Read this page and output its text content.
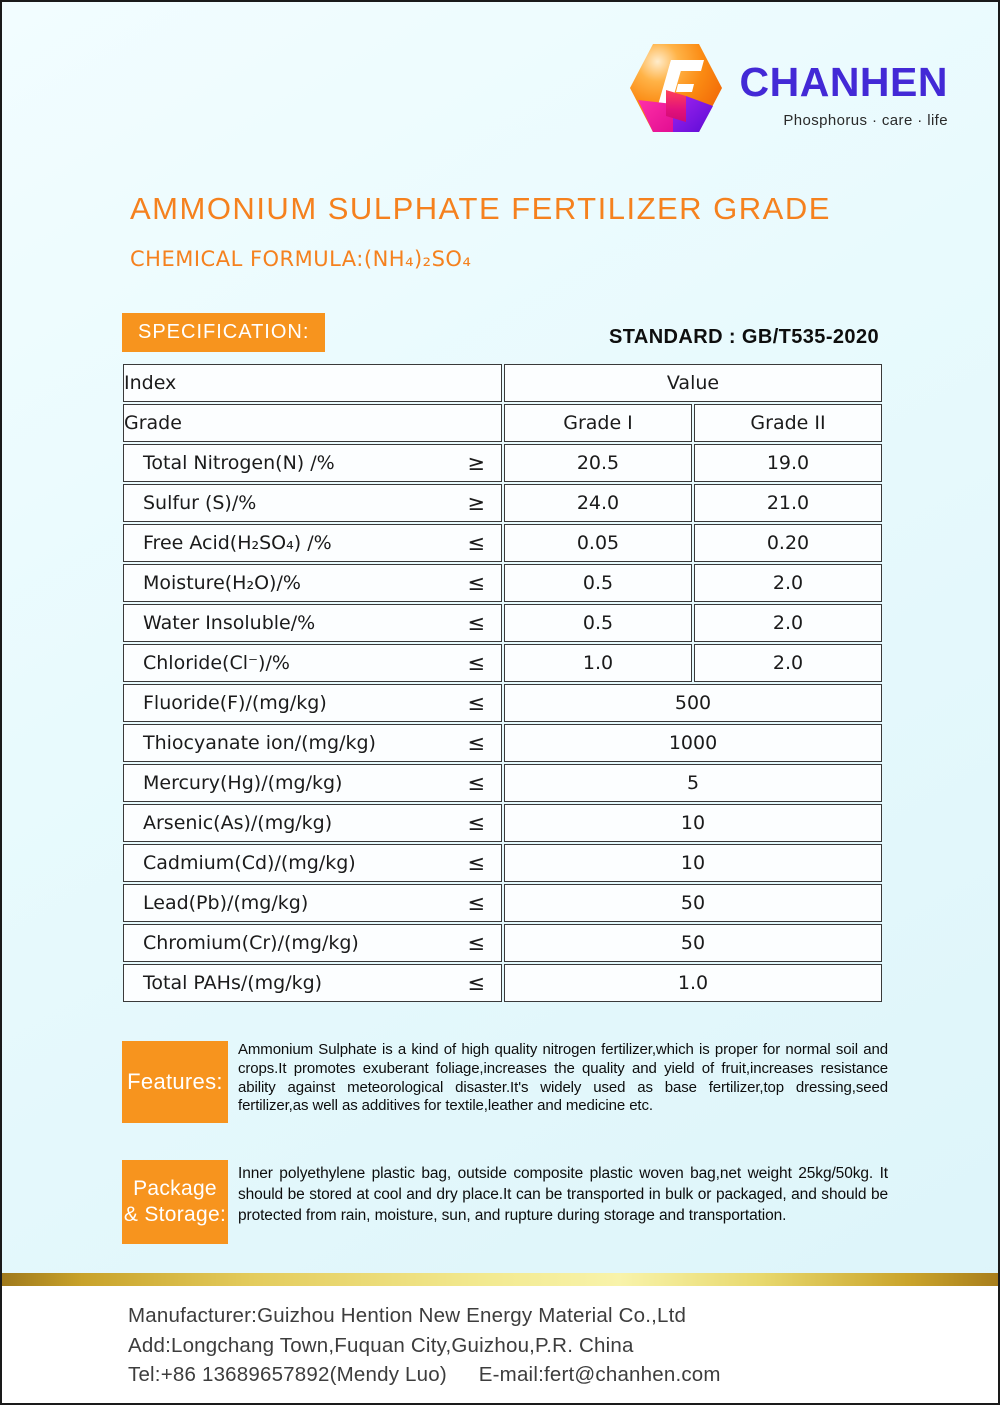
CHANHEN
Phosphorus · care · life
AMMONIUM SULPHATE FERTILIZER GRADE
CHEMICAL FORMULA:(NH₄)₂SO₄
SPECIFICATION:	STANDARD : GB/T535-2020
Index	Value	
Grade	Grade I	Grade II

Total Nitrogen(N) /% ≥	20.5	19.0

Sulfur (S)/% ≥	24.0	21.0

Free Acid(H₂SO₄) /% ≤	0.05	0.20

Moisture(H₂O)/% ≤	0.5	2.0

Water Insoluble/% ≤	0.5	2.0

Chloride(Cl⁻)/% ≤	1.0	2.0

Fluoride(F)/(mg/kg) ≤	500	

Thiocyanate ion/(mg/kg) ≤	1000	

Mercury(Hg)/(mg/kg) ≤	5	

Arsenic(As)/(mg/kg) ≤	10	

Cadmium(Cd)/(mg/kg) ≤	10	

Lead(Pb)/(mg/kg) ≤	50	

Chromium(Cr)/(mg/kg) ≤	50	

Total PAHs/(mg/kg) ≤	1.0	
Features:
Ammonium Sulphate is a kind of high quality nitrogen fertilizer,which is proper for normal soil and crops.It promotes exuberant foliage,increases the quality and yield of fruit,increases resistance ability against meteorological disaster.It's widely used as base fertilizer,top dressing,seed fertilizer,as well as additives for textile,leather and medicine etc.
Package
& Storage:
Inner polyethylene plastic bag, outside composite plastic woven bag,net weight 25kg/50kg. It should be stored at cool and dry place.It can be transported in bulk or packaged, and should be protected from rain, moisture, sun, and rupture during storage and transportation.
Manufacturer:Guizhou Hention New Energy Material Co.,Ltd
Add:Longchang Town,Fuquan City,Guizhou,P.R. China
Tel:+86 13689657892(Mendy Luo) E-mail:fert@chanhen.com
